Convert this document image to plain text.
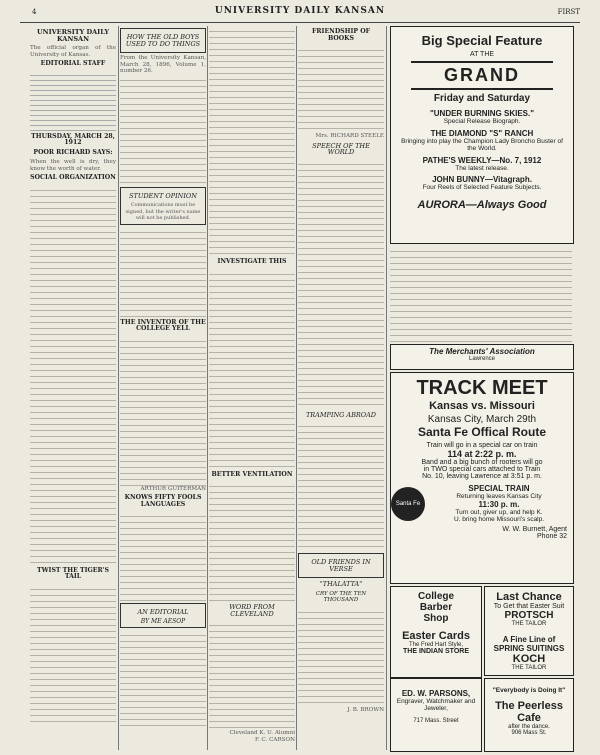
4	UNIVERSITY DAILY KANSAN	FIRST
UNIVERSITY DAILY KANSAN
The official organ of the University of Kansas.
EDITORIAL STAFF
THURSDAY, MARCH 28, 1912
POOR RICHARD SAYS:
When the well is dry, they know the worth of water.
SOCIAL ORGANIZATION
TWIST THE TIGER'S TAIL
HOW THE OLD BOYS USED TO DO THINGS
From the University Kansan, March 28, 1896, Volume 1, number 26.
STUDENT OPINION
Communications must be signed, but the writer's name will not be published.
THE INVENTOR OF THE COLLEGE YELL
ARTHUR GUITERMAN
KNOWS FIFTY FOOLS LANGUAGES
AN EDITORIAL
BY ME AESOP
INVESTIGATE THIS
BETTER VENTILATION
WORD FROM CLEVELAND
Cleveland K. U. Alumni
F. C. CARSON
FRIENDSHIP OF BOOKS
Mrs. RICHARD STEELE
SPEECH OF THE WORLD
TRAMPING ABROAD
OLD FRIENDS IN VERSE
"THALATTA"
CRY OF THE TEN THOUSAND
J. B. BROWN
Big Special Feature
AT THE
GRAND
Friday and Saturday
"UNDER BURNING SKIES."
Special Release Biograph.
THE DIAMOND "S" RANCH
Bringing into play the Champion Lady Broncho Buster of the World.
PATHE'S WEEKLY—No. 7, 1912
The latest release.
JOHN BUNNY—Vitagraph.
Four Reels of Selected Feature Subjects.
AURORA—Always Good
The Merchants' Association
Lawrence
TRACK MEET
Kansas vs. Missouri
Kansas City, March 29th
Santa Fe Offical Route
Train will go in a special car on train
114 at 2:22 p. m.
Band and a big bunch of rooters will go
in TWO special cars attached to Train
No. 10, leaving Lawrence at 3:51 p. m.
Santa Fe
SPECIAL TRAIN
Returning leaves Kansas City
11:30 p. m.
Turn out, giver up, and help K.
U. bring home Missouri's scalp.
W. W. Burnett, Agent
Phone 32
College
Barber
Shop
Easter Cards
The Fred Hart Style,
THE INDIAN STORE
Last Chance
To Get that Easter Suit
PROTSCH
THE TAILOR
A Fine Line of
SPRING SUITINGS
KOCH
THE TAILOR
ED. W. PARSONS,
Engraver, Watchmaker and
Jeweler,
717 Mass. Street
"Everybody is Doing It"
The Peerless Cafe
after the dance.
906 Mass St.
